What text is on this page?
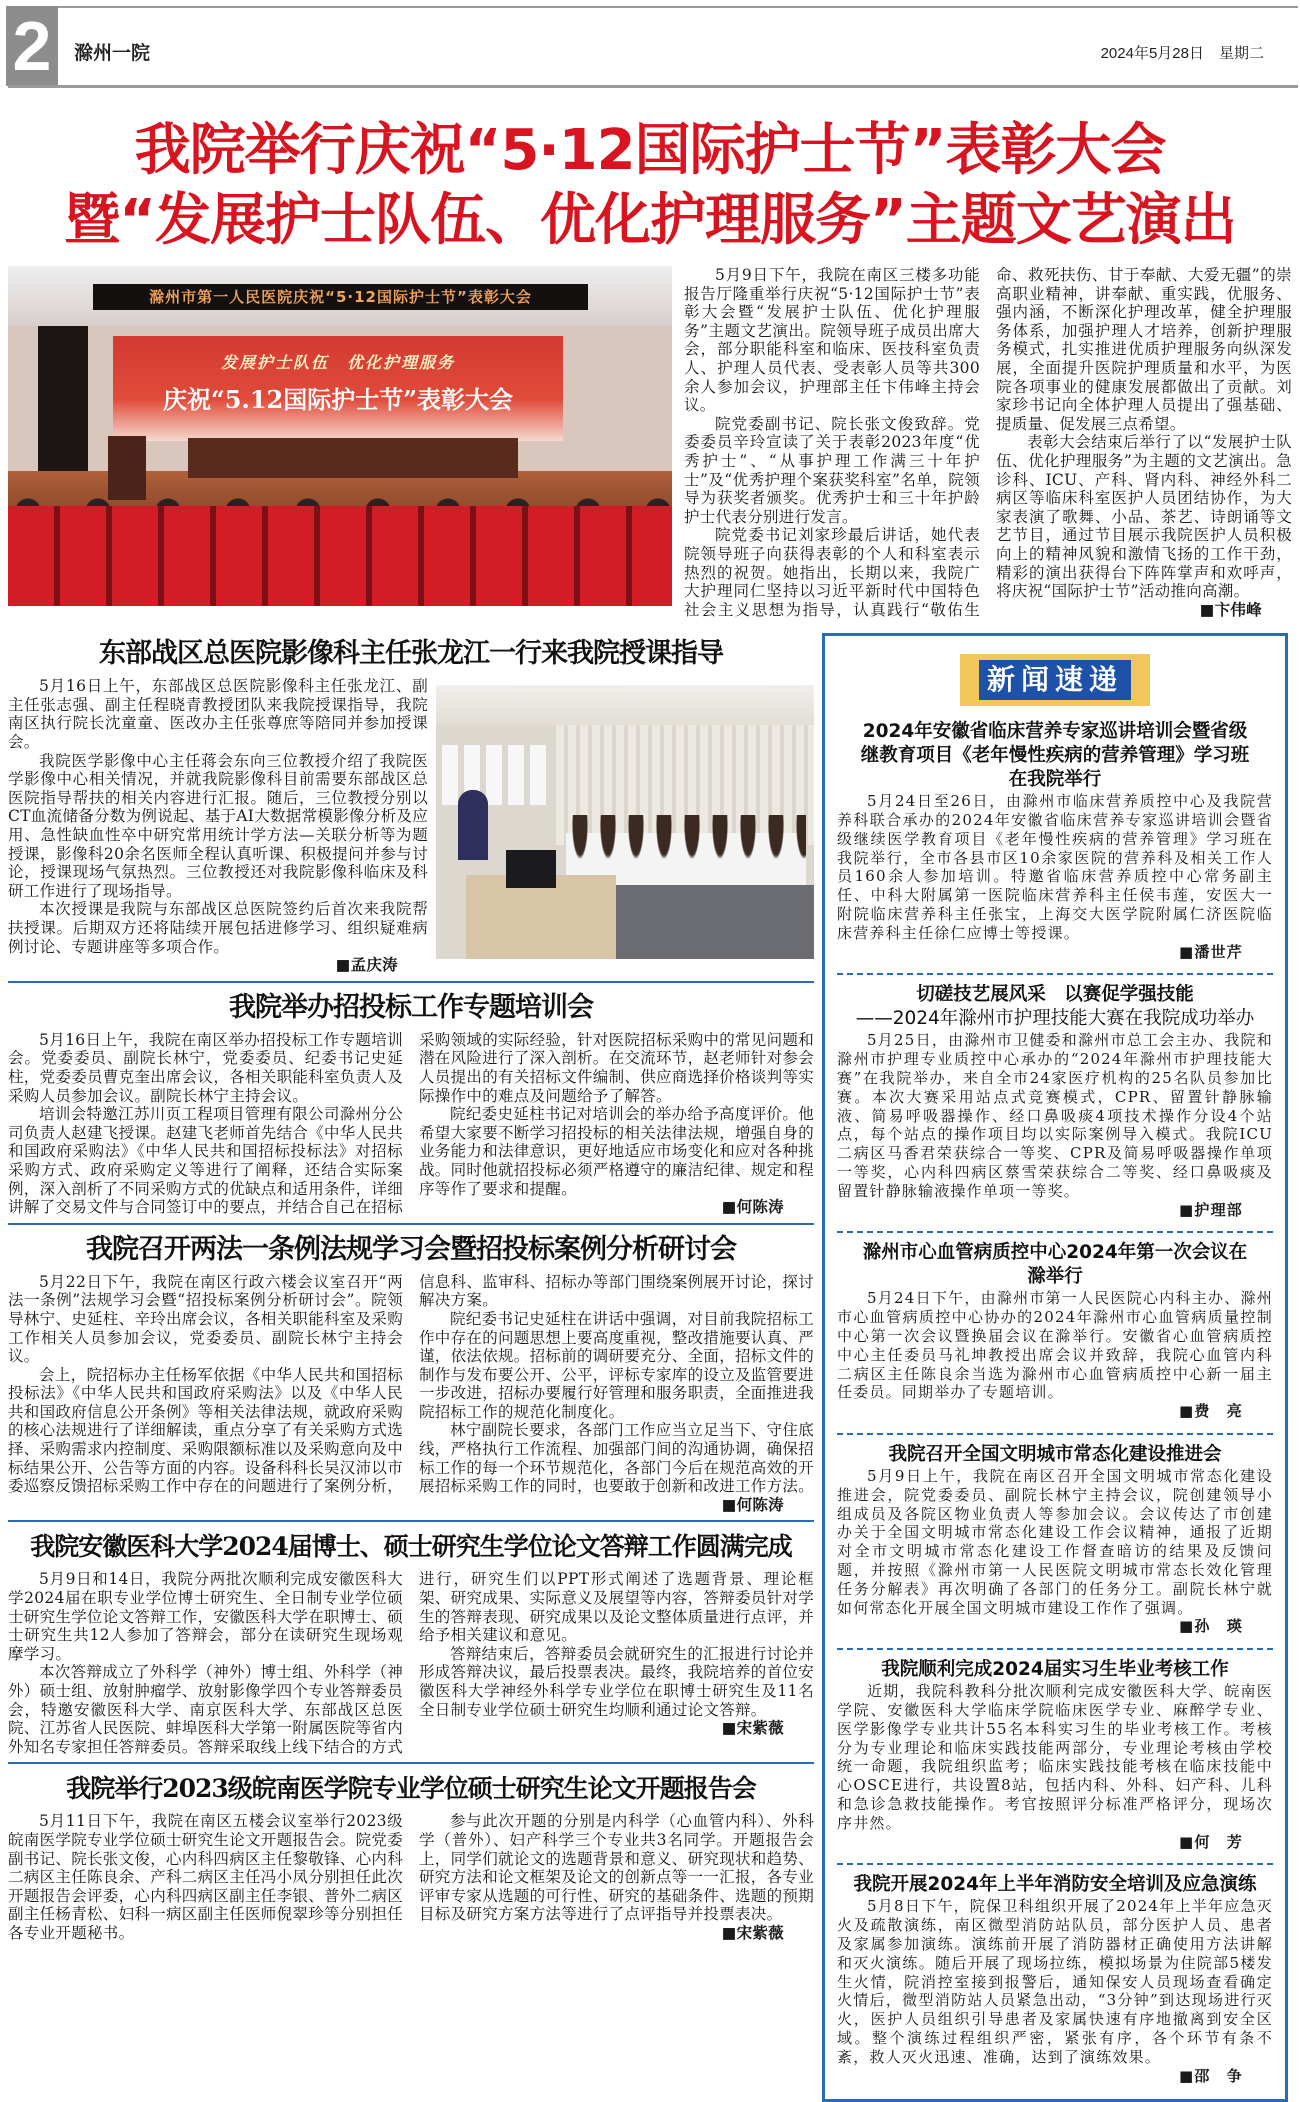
2	滁州一院	2024年5月28日　星期二
我院举行庆祝“5·12国际护士节”表彰大会
暨“发展护士队伍、优化护理服务”主题文艺演出
滁州市第一人民医院庆祝“5·12国际护士节”表彰大会
发展护士队伍　优化护理服务
庆祝“5.12国际护士节”表彰大会

5月9日下午，我院在南区三楼多功能报告厅隆重举行庆祝“5·12国际护士节”表彰大会暨“发展护士队伍、优化护理服务”主题文艺演出。院领导班子成员出席大会，部分职能科室和临床、医技科室负责人、护理人员代表、受表彰人员等共300余人参加会议，护理部主任卞伟峰主持会议。

院党委副书记、院长张文俊致辞。党委委员辛玲宣读了关于表彰2023年度“优秀护士”、“从事护理工作满三十年护士”及“优秀护理个案获奖科室”名单，院领导为获奖者颁奖。优秀护士和三十年护龄护士代表分别进行发言。

院党委书记刘家珍最后讲话，她代表院领导班子向获得表彰的个人和科室表示热烈的祝贺。她指出，长期以来，我院广大护理同仁坚持以习近平新时代中国特色社会主义思想为指导，认真践行“敬佑生命、救死扶伤、甘于奉献、大爱无疆”的崇高职业精神，讲奉献、重实践，优服务、强内涵，不断深化护理改革，健全护理服务体系，加强护理人才培养，创新护理服务模式，扎实推进优质护理服务向纵深发展，全面提升医院护理质量和水平，为医院各项事业的健康发展都做出了贡献。刘家珍书记向全体护理人员提出了强基础、提质量、促发展三点希望。

表彰大会结束后举行了以“发展护士队伍、优化护理服务”为主题的文艺演出。急诊科、ICU、产科、肾内科、神经外科二病区等临床科室医护人员团结协作，为大家表演了歌舞、小品、茶艺、诗朗诵等文艺节目，通过节目展示我院医护人员积极向上的精神风貌和激情飞扬的工作干劲，精彩的演出获得台下阵阵掌声和欢呼声，将庆祝“国际护士节”活动推向高潮。

■卞伟峰
东部战区总医院影像科主任张龙江一行来我院授课指导

5月16日上午，东部战区总医院影像科主任张龙江、副主任张志强、副主任程晓青教授团队来我院授课指导，我院南区执行院长沈童童、医改办主任张尊庶等陪同并参加授课会。

我院医学影像中心主任蒋会东向三位教授介绍了我院医学影像中心相关情况，并就我院影像科目前需要东部战区总医院指导帮扶的相关内容进行汇报。随后，三位教授分别以CT血流储备分数为例说起、基于AI大数据常模影像分析及应用、急性缺血性卒中研究常用统计学方法—关联分析等为题授课，影像科20余名医师全程认真听课、积极提问并参与讨论，授课现场气氛热烈。三位教授还对我院影像科临床及科研工作进行了现场指导。

本次授课是我院与东部战区总医院签约后首次来我院帮扶授课。后期双方还将陆续开展包括进修学习、组织疑难病例讨论、专题讲座等多项合作。

■孟庆涛
我院举办招投标工作专题培训会

5月16日上午，我院在南区举办招投标工作专题培训会。党委委员、副院长林宁，党委委员、纪委书记史延柱，党委委员曹克奎出席会议，各相关职能科室负责人及采购人员参加会议。副院长林宁主持会议。

培训会特邀江苏川页工程项目管理有限公司滁州分公司负责人赵建飞授课。赵建飞老师首先结合《中华人民共和国政府采购法》《中华人民共和国招标投标法》对招标采购方式、政府采购定义等进行了阐释，还结合实际案例，深入剖析了不同采购方式的优缺点和适用条件，详细讲解了交易文件与合同签订中的要点，并结合自己在招标采购领域的实际经验，针对医院招标采购中的常见问题和潜在风险进行了深入剖析。在交流环节，赵老师针对参会人员提出的有关招标文件编制、供应商选择价格谈判等实际操作中的难点及问题给予了解答。

院纪委史延柱书记对培训会的举办给予高度评价。他希望大家要不断学习招投标的相关法律法规，增强自身的业务能力和法律意识，更好地适应市场变化和应对各种挑战。同时他就招投标必须严格遵守的廉洁纪律、规定和程序等作了要求和提醒。

■何陈涛
我院召开两法一条例法规学习会暨招投标案例分析研讨会

5月22日下午，我院在南区行政六楼会议室召开“两法一条例”法规学习会暨“招投标案例分析研讨会”。院领导林宁、史延柱、辛玲出席会议，各相关职能科室及采购工作相关人员参加会议，党委委员、副院长林宁主持会议。

会上，院招标办主任杨军依据《中华人民共和国招标投标法》《中华人民共和国政府采购法》以及《中华人民共和国政府信息公开条例》等相关法律法规，就政府采购的核心法规进行了详细解读，重点分享了有关采购方式选择、采购需求内控制度、采购限额标准以及采购意向及中标结果公开、公告等方面的内容。设备科科长吴汉沛以市委巡察反馈招标采购工作中存在的问题进行了案例分析，信息科、监审科、招标办等部门围绕案例展开讨论，探讨解决方案。

院纪委书记史延柱在讲话中强调，对目前我院招标工作中存在的问题思想上要高度重视，整改措施要认真、严谨，依法依规。招标前的调研要充分、全面，招标文件的制作与发布要公开、公平，评标专家库的设立及监管要进一步改进，招标办要履行好管理和服务职责，全面推进我院招标工作的规范化制度化。

林宁副院长要求，各部门工作应当立足当下、守住底线，严格执行工作流程、加强部门间的沟通协调，确保招标工作的每一个环节规范化，各部门今后在规范高效的开展招标采购工作的同时，也要敢于创新和改进工作方法。

■何陈涛
我院安徽医科大学2024届博士、硕士研究生学位论文答辩工作圆满完成

5月9日和14日，我院分两批次顺利完成安徽医科大学2024届在职专业学位博士研究生、全日制专业学位硕士研究生学位论文答辩工作，安徽医科大学在职博士、硕士研究生共12人参加了答辩会，部分在读研究生现场观摩学习。

本次答辩成立了外科学（神外）博士组、外科学（神外）硕士组、放射肿瘤学、放射影像学四个专业答辩委员会，特邀安徽医科大学、南京医科大学、东部战区总医院、江苏省人民医院、蚌埠医科大学第一附属医院等省内外知名专家担任答辩委员。答辩采取线上线下结合的方式进行，研究生们以PPT形式阐述了选题背景、理论框架、研究成果、实际意义及展望等内容，答辩委员针对学生的答辩表现、研究成果以及论文整体质量进行点评，并给予相关建议和意见。

答辩结束后，答辩委员会就研究生的汇报进行讨论并形成答辩决议，最后投票表决。最终，我院培养的首位安徽医科大学神经外科学专业学位在职博士研究生及11名全日制专业学位硕士研究生均顺利通过论文答辩。

■宋紫薇
我院举行2023级皖南医学院专业学位硕士研究生论文开题报告会

5月11日下午，我院在南区五楼会议室举行2023级皖南医学院专业学位硕士研究生论文开题报告会。院党委副书记、院长张文俊，心内科四病区主任黎敬锋、心内科二病区主任陈良余、产科二病区主任冯小凤分别担任此次开题报告会评委，心内科四病区副主任李银、普外二病区副主任杨青松、妇科一病区副主任医师倪翠珍等分别担任各专业开题秘书。

参与此次开题的分别是内科学（心血管内科）、外科学（普外）、妇产科学三个专业共3名同学。开题报告会上，同学们就论文的选题背景和意义、研究现状和趋势、研究方法和论文框架及论文的创新点等一一汇报，各专业评审专家从选题的可行性、研究的基础条件、选题的预期目标及研究方案方法等进行了点评指导并投票表决。

■宋紫薇
新闻速递
2024年安徽省临床营养专家巡讲培训会暨省级继教育项目《老年慢性疾病的营养管理》学习班在我院举行

5月24日至26日，由滁州市临床营养质控中心及我院营养科联合承办的2024年安徽省临床营养专家巡讲培训会暨省级继续医学教育项目《老年慢性疾病的营养管理》学习班在我院举行，全市各县市区10余家医院的营养科及相关工作人员160余人参加培训。特邀省临床营养质控中心常务副主任、中科大附属第一医院临床营养科主任侯韦莲，安医大一附院临床营养科主任张宝，上海交大医学院附属仁济医院临床营养科主任徐仁应博士等授课。

■潘世芹
切磋技艺展风采　以赛促学强技能
——2024年滁州市护理技能大赛在我院成功举办

5月25日，由滁州市卫健委和滁州市总工会主办、我院和滁州市护理专业质控中心承办的“2024年滁州市护理技能大赛”在我院举办，来自全市24家医疗机构的25名队员参加比赛。本次大赛采用站点式竞赛模式，CPR、留置针静脉输液、简易呼吸器操作、经口鼻吸痰4项技术操作分设4个站点，每个站点的操作项目均以实际案例导入模式。我院ICU二病区马香君荣获综合一等奖、CPR及简易呼吸器操作单项一等奖，心内科四病区蔡雪荣获综合二等奖、经口鼻吸痰及留置针静脉输液操作单项一等奖。

■护理部
滁州市心血管病质控中心2024年第一次会议在滁举行

5月24日下午，由滁州市第一人民医院心内科主办、滁州市心血管病质控中心协办的2024年滁州市心血管病质量控制中心第一次会议暨换届会议在滁举行。安徽省心血管病质控中心主任委员马礼坤教授出席会议并致辞，我院心血管内科二病区主任陈良余当选为滁州市心血管病质控中心新一届主任委员。同期举办了专题培训。

■费　亮
我院召开全国文明城市常态化建设推进会

5月9日上午，我院在南区召开全国文明城市常态化建设推进会，院党委委员、副院长林宁主持会议，院创建领导小组成员及各院区物业负责人等参加会议。会议传达了市创建办关于全国文明城市常态化建设工作会议精神，通报了近期对全市文明城市常态化建设工作督查暗访的结果及反馈问题，并按照《滁州市第一人民医院文明城市常态长效化管理任务分解表》再次明确了各部门的任务分工。副院长林宁就如何常态化开展全国文明城市建设工作作了强调。

■孙　瑛
我院顺利完成2024届实习生毕业考核工作

近期，我院科教科分批次顺利完成安徽医科大学、皖南医学院、安徽医科大学临床学院临床医学专业、麻醉学专业、医学影像学专业共计55名本科实习生的毕业考核工作。考核分为专业理论和临床实践技能两部分，专业理论考核由学校统一命题，我院组织监考；临床实践技能考核在临床技能中心OSCE进行，共设置8站，包括内科、外科、妇产科、儿科和急诊急救技能操作。考官按照评分标准严格评分，现场次序井然。

■何　芳
我院开展2024年上半年消防安全培训及应急演练

5月8日下午，院保卫科组织开展了2024年上半年应急灭火及疏散演练，南区微型消防站队员，部分医护人员、患者及家属参加演练。演练前开展了消防器材正确使用方法讲解和灭火演练。随后开展了现场拉练，模拟场景为住院部5楼发生火情，院消控室接到报警后，通知保安人员现场查看确定火情后，微型消防站人员紧急出动，“3分钟”到达现场进行灭火，医护人员组织引导患者及家属快速有序地撤离到安全区域。整个演练过程组织严密，紧张有序，各个环节有条不紊，救人灭火迅速、准确，达到了演练效果。

■邵　争
